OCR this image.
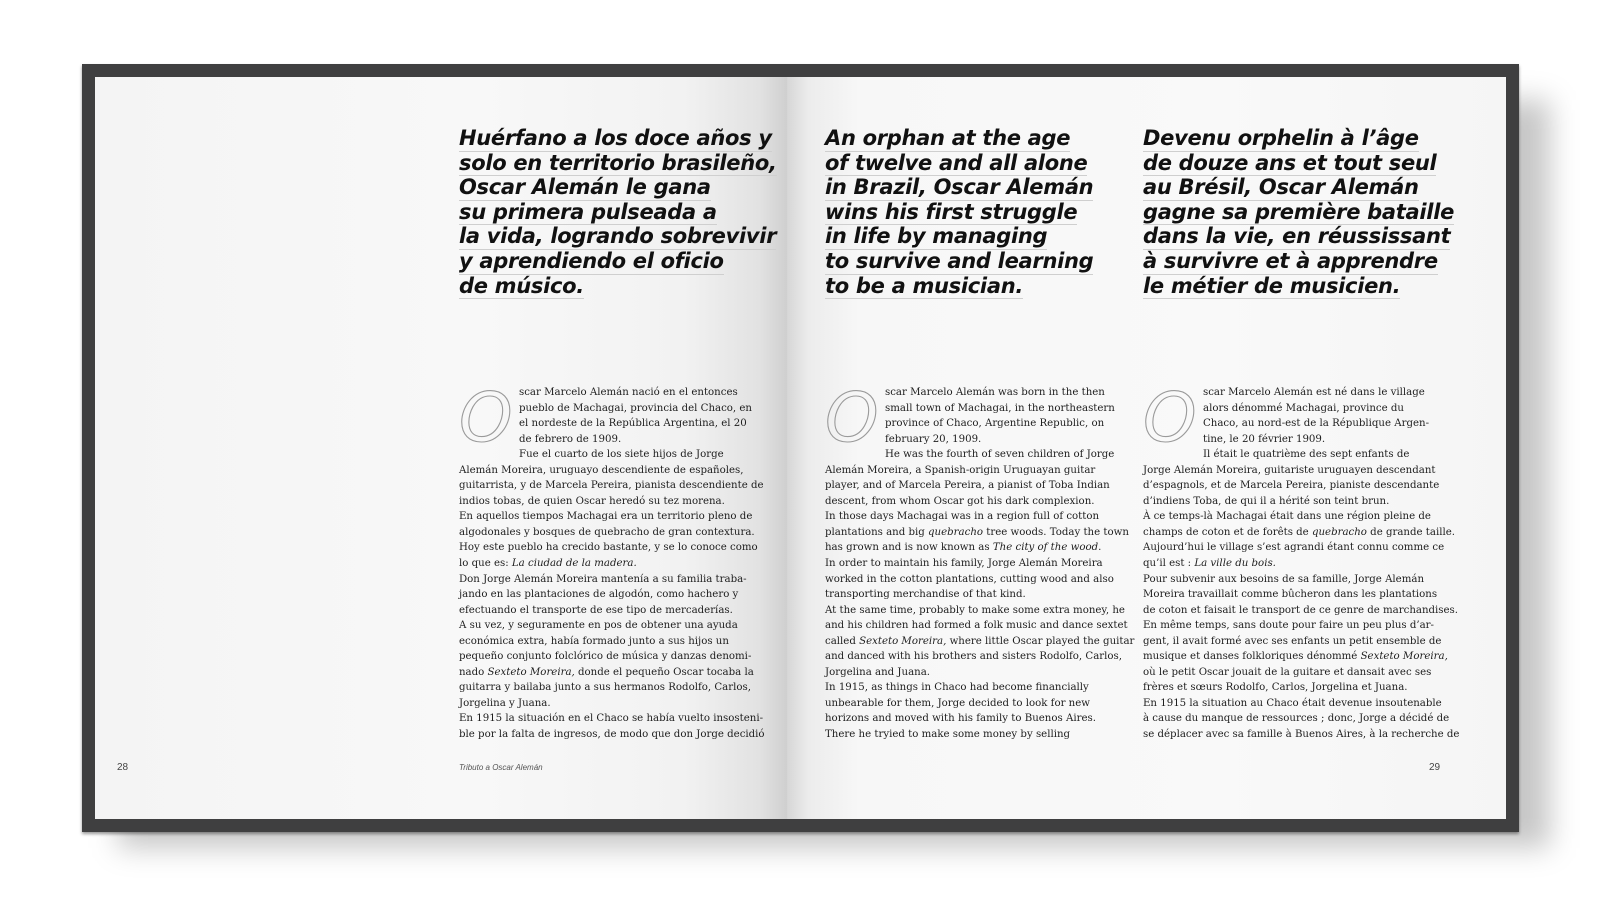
Huérfano a los doce años y
solo en territorio brasileño,
Oscar Alemán le gana
su primera pulseada a
la vida, logrando sobrevivir
y aprendiendo el oficio
de músico.

O scar Marcelo Alemán nació en el entonces
pueblo de Machagai, provincia del Chaco, en
el nordeste de la República Argentina, el 20
de febrero de 1909.
Fue el cuarto de los siete hijos de Jorge
Alemán Moreira, uruguayo descendiente de españoles,
guitarrista, y de Marcela Pereira, pianista descendiente de
indios tobas, de quien Oscar heredó su tez morena.
En aquellos tiempos Machagai era un territorio pleno de
algodonales y bosques de quebracho de gran contextura.
Hoy este pueblo ha crecido bastante, y se lo conoce como
lo que es: La ciudad de la madera.
Don Jorge Alemán Moreira mantenía a su familia traba-
jando en las plantaciones de algodón, como hachero y
efectuando el transporte de ese tipo de mercaderías.
A su vez, y seguramente en pos de obtener una ayuda
económica extra, había formado junto a sus hijos un
pequeño conjunto folclórico de música y danzas denomi-
nado Sexteto Moreira, donde el pequeño Oscar tocaba la
guitarra y bailaba junto a sus hermanos Rodolfo, Carlos,
Jorgelina y Juana.
En 1915 la situación en el Chaco se había vuelto insosteni-
ble por la falta de ingresos, de modo que don Jorge decidió
28	Tributo a Oscar Alemán
An orphan at the age
of twelve and all alone
in Brazil, Oscar Alemán
wins his first struggle
in life by managing
to survive and learning
to be a musician.

O scar Marcelo Alemán was born in the then
small town of Machagai, in the northeastern
province of Chaco, Argentine Republic, on
february 20, 1909.
He was the fourth of seven children of Jorge
Alemán Moreira, a Spanish-origin Uruguayan guitar
player, and of Marcela Pereira, a pianist of Toba Indian
descent, from whom Oscar got his dark complexion.
In those days Machagai was in a region full of cotton
plantations and big quebracho tree woods. Today the town
has grown and is now known as The city of the wood.
In order to maintain his family, Jorge Alemán Moreira
worked in the cotton plantations, cutting wood and also
transporting merchandise of that kind.
At the same time, probably to make some extra money, he
and his children had formed a folk music and dance sextet
called Sexteto Moreira, where little Oscar played the guitar
and danced with his brothers and sisters Rodolfo, Carlos,
Jorgelina and Juana.
In 1915, as things in Chaco had become financially
unbearable for them, Jorge decided to look for new
horizons and moved with his family to Buenos Aires.
There he tryied to make some money by selling
Devenu orphelin à l’âge
de douze ans et tout seul
au Brésil, Oscar Alemán
gagne sa première bataille
dans la vie, en réussissant
à survivre et à apprendre
le métier de musicien.

O scar Marcelo Alemán est né dans le village
alors dénommé Machagai, province du
Chaco, au nord-est de la République Argen-
tine, le 20 février 1909.
Il était le quatrième des sept enfants de
Jorge Alemán Moreira, guitariste uruguayen descendant
d’espagnols, et de Marcela Pereira, pianiste descendante
d’indiens Toba, de qui il a hérité son teint brun.
À ce temps-là Machagai était dans une région pleine de
champs de coton et de forêts de quebracho de grande taille.
Aujourd’hui le village s’est agrandi étant connu comme ce
qu’il est : La ville du bois.
Pour subvenir aux besoins de sa famille, Jorge Alemán
Moreira travaillait comme bûcheron dans les plantations
de coton et faisait le transport de ce genre de marchandises.
En même temps, sans doute pour faire un peu plus d’ar-
gent, il avait formé avec ses enfants un petit ensemble de
musique et danses folkloriques dénommé Sexteto Moreira,
où le petit Oscar jouait de la guitare et dansait avec ses
frères et sœurs Rodolfo, Carlos, Jorgelina et Juana.
En 1915 la situation au Chaco était devenue insoutenable
à cause du manque de ressources ; donc, Jorge a décidé de
se déplacer avec sa famille à Buenos Aires, à la recherche de
29
